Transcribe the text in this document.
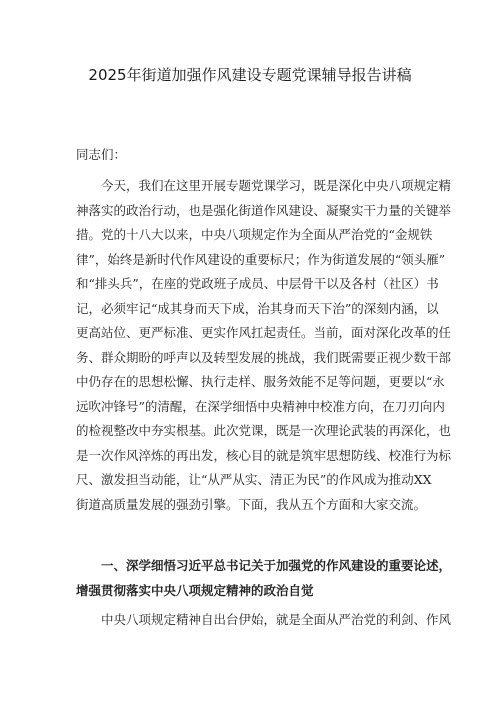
2025年街道加强作风建设专题党课辅导报告讲稿
同志们：
今天，我们在这里开展专题党课学习，既是深化中央八项规定精
神落实的政治行动，也是强化街道作风建设、凝聚实干力量的关键举
措。党的十八大以来，中央八项规定作为全面从严治党的“金规铁
律”，始终是新时代作风建设的重要标尺；作为街道发展的“领头雁”
和“排头兵”，在座的党政班子成员、中层骨干以及各村（社区）书
记，必须牢记“成其身而天下成，治其身而天下治”的深刻内涵，以
更高站位、更严标准、更实作风扛起责任。当前，面对深化改革的任
务、群众期盼的呼声以及转型发展的挑战，我们既需要正视少数干部
中仍存在的思想松懈、执行走样、服务效能不足等问题，更要以“永
远吹冲锋号”的清醒，在深学细悟中央精神中校准方向，在刀刃向内
的检视整改中夯实根基。此次党课，既是一次理论武装的再深化，也
是一次作风淬炼的再出发，核心目的就是筑牢思想防线、校准行为标
尺、激发担当动能，让“从严从实、清正为民”的作风成为推动XX
街道高质量发展的强劲引擎。下面，我从五个方面和大家交流。
一、深学细悟习近平总书记关于加强党的作风建设的重要论述，
增强贯彻落实中央八项规定精神的政治自觉
中央八项规定精神自出台伊始，就是全面从严治党的利剑、作风
